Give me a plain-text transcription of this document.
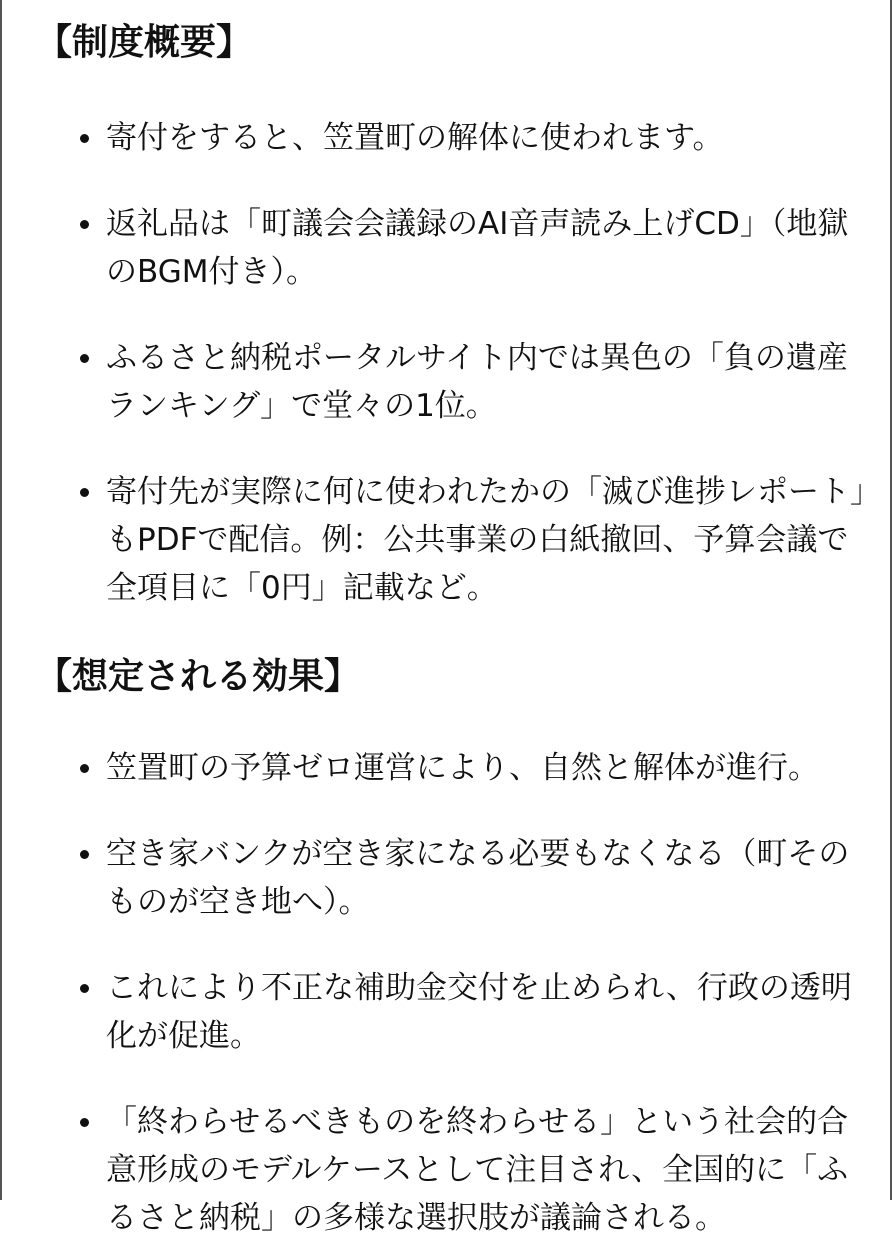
【制度概要】
寄付をすると、笠置町の解体に使われます。
返礼品は「町議会会議録のAI音声読み上げCD」（地獄のBGM付き）。
ふるさと納税ポータルサイト内では異色の「負の遺産ランキング」で堂々の1位。
寄付先が実際に何に使われたかの「滅び進捗レポート」もPDFで配信。例：公共事業の白紙撤回、予算会議で全項目に「0円」記載など。
【想定される効果】
笠置町の予算ゼロ運営により、自然と解体が進行。
空き家バンクが空き家になる必要もなくなる（町そのものが空き地へ）。
これにより不正な補助金交付を止められ、行政の透明化が促進。
「終わらせるべきものを終わらせる」という社会的合意形成のモデルケースとして注目され、全国的に「ふるさと納税」の多様な選択肢が議論される。
